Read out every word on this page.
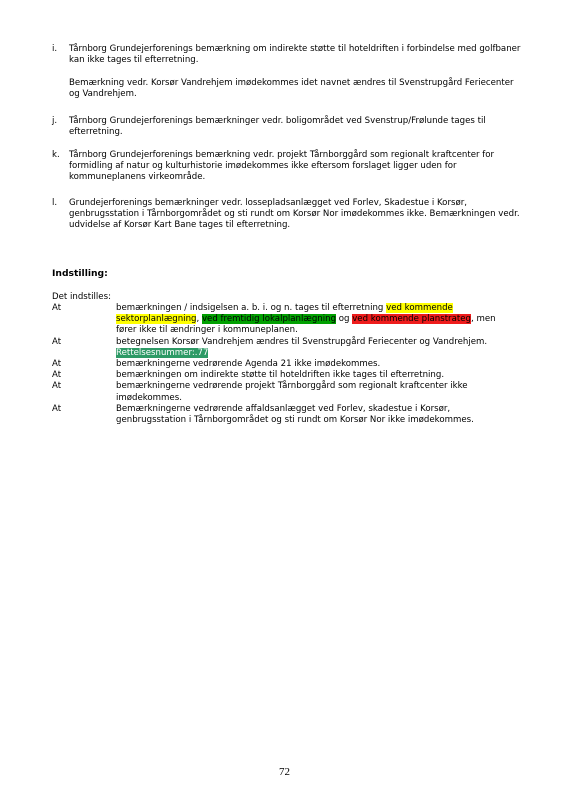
i. Tårnborg Grundejerforenings bemærkning om indirekte støtte til hoteldriften i forbindelse med golfbaner kan ikke tages til efterretning.

Bemærkning vedr. Korsør Vandrehjem imødekommes idet navnet ændres til Svenstrupgård Feriecenter og Vandrehjem.

j. Tårnborg Grundejerforenings bemærkninger vedr. boligområdet ved Svenstrup/Frølunde tages til efterretning.

k. Tårnborg Grundejerforenings bemærkning vedr. projekt Tårnborggård som regionalt kraftcenter for formidling af natur og kulturhistorie imødekommes ikke eftersom forslaget ligger uden for kommuneplanens virkeområde.

l. Grundejerforenings bemærkninger vedr. lossepladsanlægget ved Forlev, Skadestue i Korsør, genbrugsstation i Tårnborgområdet og sti rundt om Korsør Nor imødekommes ikke. Bemærkningen vedr. udvidelse af Korsør Kart Bane tages til efterretning.

Indstilling:
Det indstilles:
At	bemærkningen / indsigelsen a. b. i. og n. tages til efterretning ved kommende sektorplanlægning, ved fremtidig lokalplanlægning og ved kommende planstrateg, men fører ikke til ændringer i kommuneplanen.
At	betegnelsen Korsør Vandrehjem ændres til Svenstrupgård Feriecenter og Vandrehjem. Rettelsesnummer:.77
At	bemærkningerne vedrørende Agenda 21 ikke imødekommes.
At	bemærkningen om indirekte støtte til hoteldriften ikke tages til efterretning.
At	bemærkningerne vedrørende projekt Tårnborggård som regionalt kraftcenter ikke imødekommes.
At	Bemærkningerne vedrørende affaldsanlægget ved Forlev, skadestue i Korsør, genbrugsstation i Tårnborgområdet og sti rundt om Korsør Nor ikke imødekommes.
72
